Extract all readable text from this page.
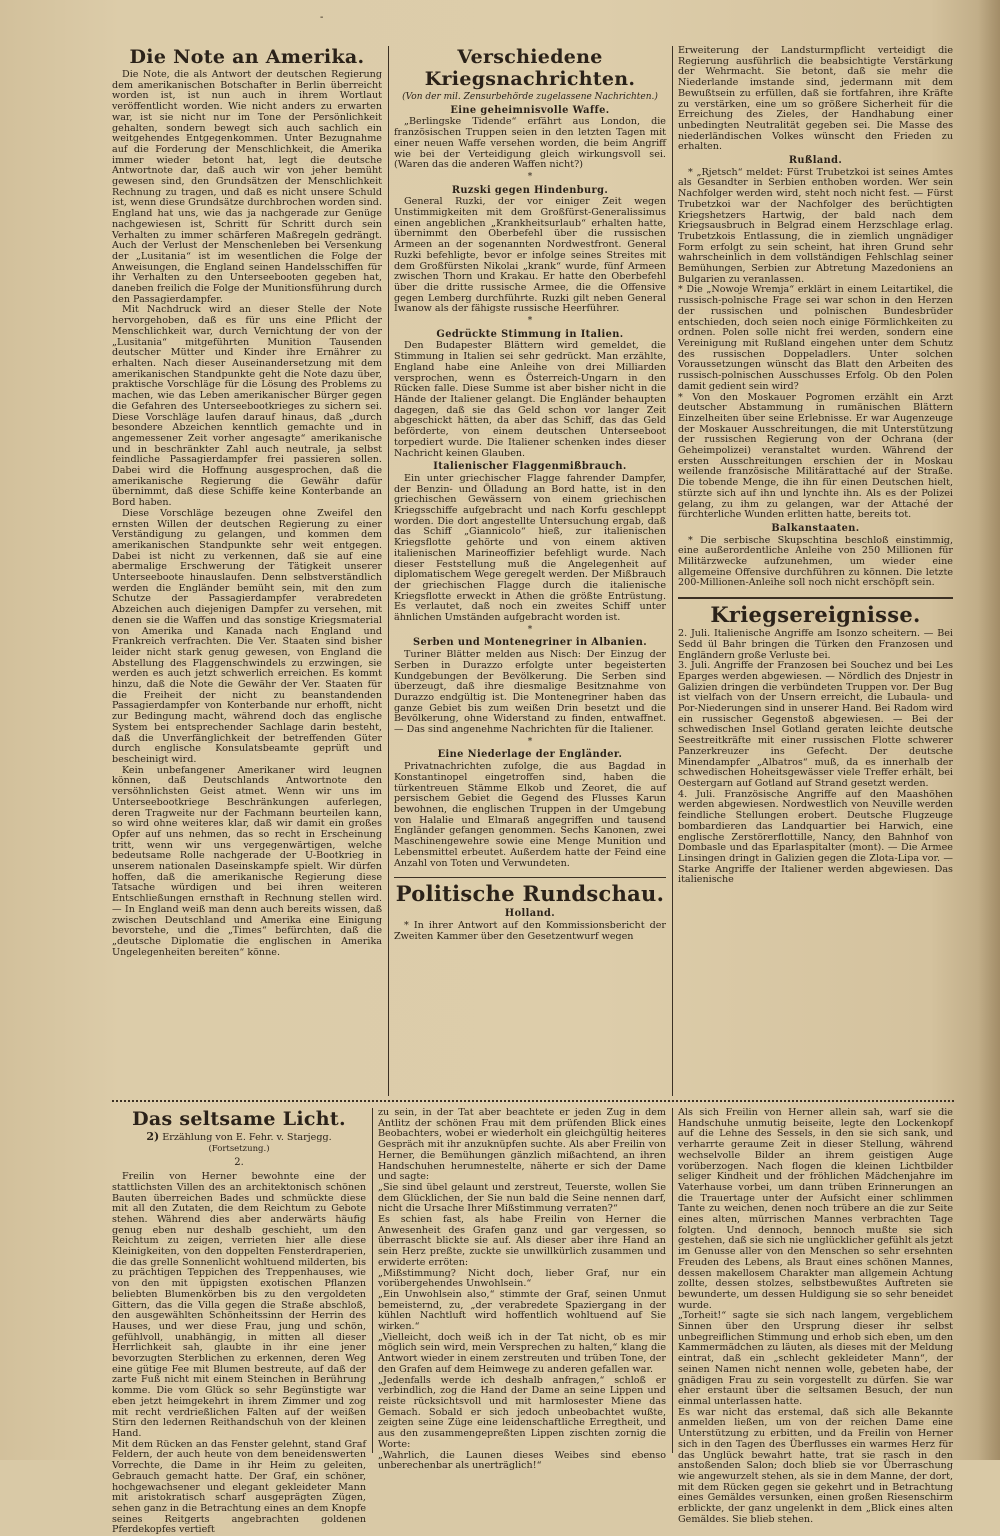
-
Die Note an Amerika.

Die Note, die als Antwort der deutschen Regierung dem amerikanischen Botschafter in Berlin überreicht worden ist, ist nun auch in ihrem Wortlaut veröffentlicht worden. Wie nicht anders zu erwarten war, ist sie nicht nur im Tone der Persönlichkeit gehalten, sondern bewegt sich auch sachlich ein weitgehendes Entgegenkommen. Unter Bezugnahme auf die Forderung der Menschlichkeit, die Amerika immer wieder betont hat, legt die deutsche Antwortnote dar, daß auch wir von jeher bemüht gewesen sind, den Grundsätzen der Menschlichkeit Rechnung zu tragen, und daß es nicht unsere Schuld ist, wenn diese Grundsätze durchbrochen worden sind. England hat uns, wie das ja nachgerade zur Genüge nachgewiesen ist, Schritt für Schritt durch sein Verhalten zu immer schärferen Maßregeln gedrängt. Auch der Verlust der Menschenleben bei Versenkung der „Lusitania“ ist im wesentlichen die Folge der Anweisungen, die England seinen Handelsschiffen für ihr Verhalten zu den Unterseebooten gegeben hat, daneben freilich die Folge der Munitionsführung durch den Passagierdampfer.

Mit Nachdruck wird an dieser Stelle der Note hervorgehoben, daß es für uns eine Pflicht der Menschlichkeit war, durch Vernichtung der von der „Lusitania“ mitgeführten Munition Tausenden deutscher Mütter und Kinder ihre Ernährer zu erhalten. Nach dieser Auseinandersetzung mit dem amerikanischen Standpunkte geht die Note dazu über, praktische Vorschläge für die Lösung des Problems zu machen, wie das Leben amerikanischer Bürger gegen die Gefahren des Unterseebootkrieges zu sichern sei. Diese Vorschläge laufen darauf hinaus, daß „durch besondere Abzeichen kenntlich gemachte und in angemessener Zeit vorher angesagte“ amerikanische und in beschränkter Zahl auch neutrale, ja selbst feindliche Passagierdampfer frei passieren sollen. Dabei wird die Hoffnung ausgesprochen, daß die amerikanische Regierung die Gewähr dafür übernimmt, daß diese Schiffe keine Konterbande an Bord haben.

Diese Vorschläge bezeugen ohne Zweifel den ernsten Willen der deutschen Regierung zu einer Verständigung zu gelangen, und kommen dem amerikanischen Standpunkte sehr weit entgegen. Dabei ist nicht zu verkennen, daß sie auf eine abermalige Erschwerung der Tätigkeit unserer Unterseeboote hinauslaufen. Denn selbstverständlich werden die Engländer bemüht sein, mit den zum Schutze der Passagierdampfer verabredeten Abzeichen auch diejenigen Dampfer zu versehen, mit denen sie die Waffen und das sonstige Kriegsmaterial von Amerika und Kanada nach England und Frankreich verfrachten. Die Ver. Staaten sind bisher leider nicht stark genug gewesen, von England die Abstellung des Flaggenschwindels zu erzwingen, sie werden es auch jetzt schwerlich erreichen. Es kommt hinzu, daß die Note die Gewähr der Ver. Staaten für die Freiheit der nicht zu beanstandenden Passagierdampfer von Konterbande nur erhofft, nicht zur Bedingung macht, während doch das englische System bei entsprechender Sachlage darin besteht, daß die Unverfänglichkeit der betreffenden Güter durch englische Konsulatsbeamte geprüft und bescheinigt wird.

Kein unbefangener Amerikaner wird leugnen können, daß Deutschlands Antwortnote den versöhnlichsten Geist atmet. Wenn wir uns im Unterseebootkriege Beschränkungen auferlegen, deren Tragweite nur der Fachmann beurteilen kann, so wird ohne weiteres klar, daß wir damit ein großes Opfer auf uns nehmen, das so recht in Erscheinung tritt, wenn wir uns vergegenwärtigen, welche bedeutsame Rolle nachgerade der U-Bootkrieg in unserem nationalen Daseinskampfe spielt. Wir dürfen hoffen, daß die amerikanische Regierung diese Tatsache würdigen und bei ihren weiteren Entschließungen ernsthaft in Rechnung stellen wird. — In England weiß man denn auch bereits wissen, daß zwischen Deutschland und Amerika eine Einigung bevorstehe, und die „Times“ befürchten, daß die „deutsche Diplomatie die englischen in Amerika Ungelegenheiten bereiten“ könne.

Verschiedene Kriegsnachrichten.
(Von der mil. Zensurbehörde zugelassene Nachrichten.)
Eine geheimnisvolle Waffe.

„Berlingske Tidende“ erfährt aus London, die französischen Truppen seien in den letzten Tagen mit einer neuen Waffe versehen worden, die beim Angriff wie bei der Verteidigung gleich wirkungsvoll sei. (Waren das die anderen Waffen nicht?)

*
Ruzski gegen Hindenburg.

General Ruzki, der vor einiger Zeit wegen Unstimmigkeiten mit dem Großfürst-Generalissimus einen angeblichen „Krankheitsurlaub“ erhalten hatte, übernimmt den Oberbefehl über die russischen Armeen an der sogenannten Nordwestfront. General Ruzki befehligte, bevor er infolge seines Streites mit dem Großfürsten Nikolai „krank“ wurde, fünf Armeen zwischen Thorn und Krakau. Er hatte den Oberbefehl über die dritte russische Armee, die die Offensive gegen Lemberg durchführte. Ruzki gilt neben General Iwanow als der fähigste russische Heerführer.

*
Gedrückte Stimmung in Italien.

Den Budapester Blättern wird gemeldet, die Stimmung in Italien sei sehr gedrückt. Man erzählte, England habe eine Anleihe von drei Milliarden versprochen, wenn es Österreich-Ungarn in den Rücken falle. Diese Summe ist aber bisher nicht in die Hände der Italiener gelangt. Die Engländer behaupten dagegen, daß sie das Geld schon vor langer Zeit abgeschickt hätten, da aber das Schiff, das das Geld beförderte, von einem deutschen Unterseeboot torpediert wurde. Die Italiener schenken indes dieser Nachricht keinen Glauben.

Italienischer Flaggenmißbrauch.

Ein unter griechischer Flagge fahrender Dampfer, der Benzin- und Ölladung an Bord hatte, ist in den griechischen Gewässern von einem griechischen Kriegsschiffe aufgebracht und nach Korfu geschleppt worden. Die dort angestellte Untersuchung ergab, daß das Schiff „Giannicolo“ hieß, zur italienischen Kriegsflotte gehörte und von einem aktiven italienischen Marineoffizier befehligt wurde. Nach dieser Feststellung muß die Angelegenheit auf diplomatischem Wege geregelt werden. Der Mißbrauch der griechischen Flagge durch die italienische Kriegsflotte erweckt in Athen die größte Entrüstung. Es verlautet, daß noch ein zweites Schiff unter ähnlichen Umständen aufgebracht worden ist.

*
Serben und Montenegriner in Albanien.

Turiner Blätter melden aus Nisch: Der Einzug der Serben in Durazzo erfolgte unter begeisterten Kundgebungen der Bevölkerung. Die Serben sind überzeugt, daß ihre diesmalige Besitznahme von Durazzo endgültig ist. Die Montenegriner haben das ganze Gebiet bis zum weißen Drin besetzt und die Bevölkerung, ohne Widerstand zu finden, entwaffnet. — Das sind angenehme Nachrichten für die Italiener.

*
Eine Niederlage der Engländer.

Privatnachrichten zufolge, die aus Bagdad in Konstantinopel eingetroffen sind, haben die türkentreuen Stämme Elkob und Zeoret, die auf persischem Gebiet die Gegend des Flusses Karun bewohnen, die englischen Truppen in der Umgebung von Halalie und Elmaraß angegriffen und tausend Engländer gefangen genommen. Sechs Kanonen, zwei Maschinengewehre sowie eine Menge Munition und Lebensmittel erbeutet. Außerdem hatte der Feind eine Anzahl von Toten und Verwundeten.

Politische Rundschau.
Holland.

* In ihrer Antwort auf den Kommissionsbericht der Zweiten Kammer über den Gesetzentwurf wegen

Erweiterung der Landsturmpflicht verteidigt die Regierung ausführlich die beabsichtigte Verstärkung der Wehrmacht. Sie betont, daß sie mehr die Niederlande imstande sind, jedermann mit dem Bewußtsein zu erfüllen, daß sie fortfahren, ihre Kräfte zu verstärken, eine um so größere Sicherheit für die Erreichung des Zieles, der Handhabung einer unbedingten Neutralität gegeben sei. Die Masse des niederländischen Volkes wünscht den Frieden zu erhalten.

Rußland.

* „Rjetsch“ meldet: Fürst Trubetzkoi ist seines Amtes als Gesandter in Serbien enthoben worden. Wer sein Nachfolger werden wird, steht noch nicht fest. — Fürst Trubetzkoi war der Nachfolger des berüchtigten Kriegshetzers Hartwig, der bald nach dem Kriegsausbruch in Belgrad einem Herzschlage erlag. Trubetzkois Entlassung, die in ziemlich ungnädiger Form erfolgt zu sein scheint, hat ihren Grund sehr wahrscheinlich in dem vollständigen Fehlschlag seiner Bemühungen, Serbien zur Abtretung Mazedoniens an Bulgarien zu veranlassen.
* Die „Nowoje Wremja“ erklärt in einem Leitartikel, die russisch-polnische Frage sei war schon in den Herzen der russischen und polnischen Bundesbrüder entschieden, doch seien noch einige Förmlichkeiten zu ordnen. Polen solle nicht frei werden, sondern eine Vereinigung mit Rußland eingehen unter dem Schutz des russischen Doppeladlers. Unter solchen Voraussetzungen wünscht das Blatt den Arbeiten des russisch-polnischen Ausschusses Erfolg. Ob den Polen damit gedient sein wird?
* Von den Moskauer Pogromen erzählt ein Arzt deutscher Abstammung in rumänischen Blättern Einzelheiten über seine Erlebnisse. Er war Augenzeuge der Moskauer Ausschreitungen, die mit Unterstützung der russischen Regierung von der Ochrana (der Geheimpolizei) veranstaltet wurden. Während der ersten Ausschreitungen erschien der in Moskau weilende französische Militärattaché auf der Straße. Die tobende Menge, die ihn für einen Deutschen hielt, stürzte sich auf ihn und lynchte ihn. Als es der Polizei gelang, zu ihm zu gelangen, war der Attaché der fürchterliche Wunden erlitten hatte, bereits tot.

Balkanstaaten.

* Die serbische Skupschtina beschloß einstimmig, eine außerordentliche Anleihe von 250 Millionen für Militärzwecke aufzunehmen, um wieder eine allgemeine Offensive durchführen zu können. Die letzte 200-Millionen-Anleihe soll noch nicht erschöpft sein.

Kriegsereignisse.

2. Juli. Italienische Angriffe am Isonzo scheitern. — Bei Sedd ül Bahr bringen die Türken den Franzosen und Engländern große Verluste bei.

3. Juli. Angriffe der Franzosen bei Souchez und bei Les Eparges werden abgewiesen. — Nördlich des Dnjestr in Galizien dringen die verbündeten Truppen vor. Der Bug ist vielfach von der Unsern erreicht, die Lubaula- und Por-Niederungen sind in unserer Hand. Bei Radom wird ein russischer Gegenstoß abgewiesen. — Bei der schwedischen Insel Gotland geraten leichte deutsche Seestreitkräfte mit einer russischen Flotte schwerer Panzerkreuzer ins Gefecht. Der deutsche Minendampfer „Albatros“ muß, da es innerhalb der schwedischen Hoheitsgewässer viele Treffer erhält, bei Oestergarn auf Gotland auf Strand gesetzt werden.

4. Juli. Französische Angriffe auf den Maashöhen werden abgewiesen. Nordwestlich von Neuville werden feindliche Stellungen erobert. Deutsche Flugzeuge bombardieren das Landquartier bei Harwich, eine englische Zerstörerflottille, Nancy, den Bahnhof von Dombasle und das Eparlaspitalter (mont). — Die Armee Linsingen dringt in Galizien gegen die Zlota-Lipa vor. — Starke Angriffe der Italiener werden abgewiesen. Das italienische

Das seltsame Licht.
2) Erzählung von E. Fehr. v. Starjegg.
(Fortsetzung.)
2.

Freilin von Herner bewohnte eine der stattlichsten Villen des an architektonisch schönen Bauten überreichen Bades und schmückte diese mit all den Zutaten, die dem Reichtum zu Gebote stehen. Während dies aber anderwärts häufig genug eben nur deshalb geschieht, um den Reichtum zu zeigen, verrieten hier alle diese Kleinigkeiten, von den doppelten Fensterdraperien, die das grelle Sonnenlicht wohltuend milderten, bis zu prächtigen Teppichen des Treppenhauses, wie von den mit üppigsten exotischen Pflanzen beliebten Blumenkörben bis zu den vergoldeten Gittern, das die Villa gegen die Straße abschloß, den ausgewählten Schönheitssinn der Herrin des Hauses, und wer diese Frau, jung und schön, gefühlvoll, unabhängig, in mitten all dieser Herrlichkeit sah, glaubte in ihr eine jener bevorzugten Sterblichen zu erkennen, deren Weg eine gütige Fee mit Blumen bestreute, auf daß der zarte Fuß nicht mit einem Steinchen in Berührung komme. Die vom Glück so sehr Begünstigte war eben jetzt heimgekehrt in ihrem Zimmer und zog mit recht verdrießlichen Falten auf der weißen Stirn den ledernen Reithandschuh von der kleinen Hand.
Mit dem Rücken an das Fenster gelehnt, stand Graf Feldern, der auch heute von dem beneidenswerten Vorrechte, die Dame in ihr Heim zu geleiten, Gebrauch gemacht hatte. Der Graf, ein schöner, hochgewachsener und elegant gekleideter Mann mit aristokratisch scharf ausgeprägten Zügen, sehen ganz in die Betrachtung eines an dem Knopfe seines Reitgerts angebrachten goldenen Pferdekopfes vertieft

zu sein, in der Tat aber beachtete er jeden Zug in dem Antlitz der schönen Frau mit dem prüfenden Blick eines Beobachters, wobei er wiederholt ein gleichgültig heiteres Gespräch mit ihr anzuknüpfen suchte. Als aber Freilin von Herner, die Bemühungen gänzlich mißachtend, an ihren Handschuhen herumnestelte, näherte er sich der Dame und sagte:
„Sie sind übel gelaunt und zerstreut, Teuerste, wollen Sie dem Glücklichen, der Sie nun bald die Seine nennen darf, nicht die Ursache Ihrer Mißstimmung verraten?“
Es schien fast, als habe Freilin von Herner die Anwesenheit des Grafen ganz und gar vergessen, so überrascht blickte sie auf. Als dieser aber ihre Hand an sein Herz preßte, zuckte sie unwillkürlich zusammen und erwiderte erröten:
„Mißstimmung? Nicht doch, lieber Graf, nur ein vorübergehendes Unwohlsein.“
„Ein Unwohlsein also,“ stimmte der Graf, seinen Unmut bemeisternd, zu, „der verabredete Spaziergang in der kühlen Nachtluft wird hoffentlich wohltuend auf Sie wirken.“
„Vielleicht, doch weiß ich in der Tat nicht, ob es mir möglich sein wird, mein Versprechen zu halten,“ klang die Antwort wieder in einem zerstreuten und trüben Tone, der den Grafen auf dem Heimwege zu anderen gefallen war.
„Jedenfalls werde ich deshalb anfragen,“ schloß er verbindlich, zog die Hand der Dame an seine Lippen und reiste rücksichtsvoll und mit harmlosester Miene das Gemach. Sobald er sich jedoch unbeobachtet wußte, zeigten seine Züge eine leidenschaftliche Erregtheit, und aus den zusammengepreßten Lippen zischten zornig die Worte:
„Wahrlich, die Launen dieses Weibes sind ebenso unberechenbar als unerträglich!“

Als sich Freilin von Herner allein sah, warf sie die Handschuhe unmutig beiseite, legte den Lockenkopf auf die Lehne des Sessels, in den sie sich sank, und verharrte geraume Zeit in dieser Stellung, während wechselvolle Bilder an ihrem geistigen Auge vorüberzogen. Nach flogen die kleinen Lichtbilder seliger Kindheit und der fröhlichen Mädchenjahre im Vaterhause vorbei, um dann trüben Erinnerungen an die Trauertage unter der Aufsicht einer schlimmen Tante zu weichen, denen noch trübere an die zur Seite eines alten, mürrischen Mannes verbrachten Tage folgten. Und dennoch, bennoch mußte sie sich gestehen, daß sie sich nie unglücklicher gefühlt als jetzt im Genusse aller von den Menschen so sehr ersehnten Freuden des Lebens, als Braut eines schönen Mannes, dessen makellosem Charakter man allgemein Achtung zollte, dessen stolzes, selbstbewußtes Auftreten sie bewunderte, um dessen Huldigung sie so sehr beneidet wurde.
„Torheit!“ sagte sie sich nach langem, vergeblichem Sinnen über den Ursprung dieser ihr selbst unbegreiflichen Stimmung und erhob sich eben, um den Kammermädchen zu läuten, als dieses mit der Meldung eintrat, daß ein „schlecht gekleideter Mann“, der seinen Namen nicht nennen wolle, gebeten habe, der gnädigen Frau zu sein vorgestellt zu dürfen. Sie war eher erstaunt über die seltsamen Besuch, der nun einmal unterlassen hatte.
Es war nicht das erstemal, daß sich alle Bekannte anmelden ließen, um von der reichen Dame eine Unterstützung zu erbitten, und da Freilin von Herner sich in den Tagen des Überflusses ein warmes Herz für das Unglück bewahrt hatte, trat sie rasch in den anstoßenden Salon; doch blieb sie vor Überraschung wie angewurzelt stehen, als sie in dem Manne, der dort, mit dem Rücken gegen sie gekehrt und in Betrachtung eines Gemäldes versunken, einen großen Riesenschirm erblickte, der ganz ungelenkt in dem „Blick eines alten Gemäldes. Sie blieb stehen.
